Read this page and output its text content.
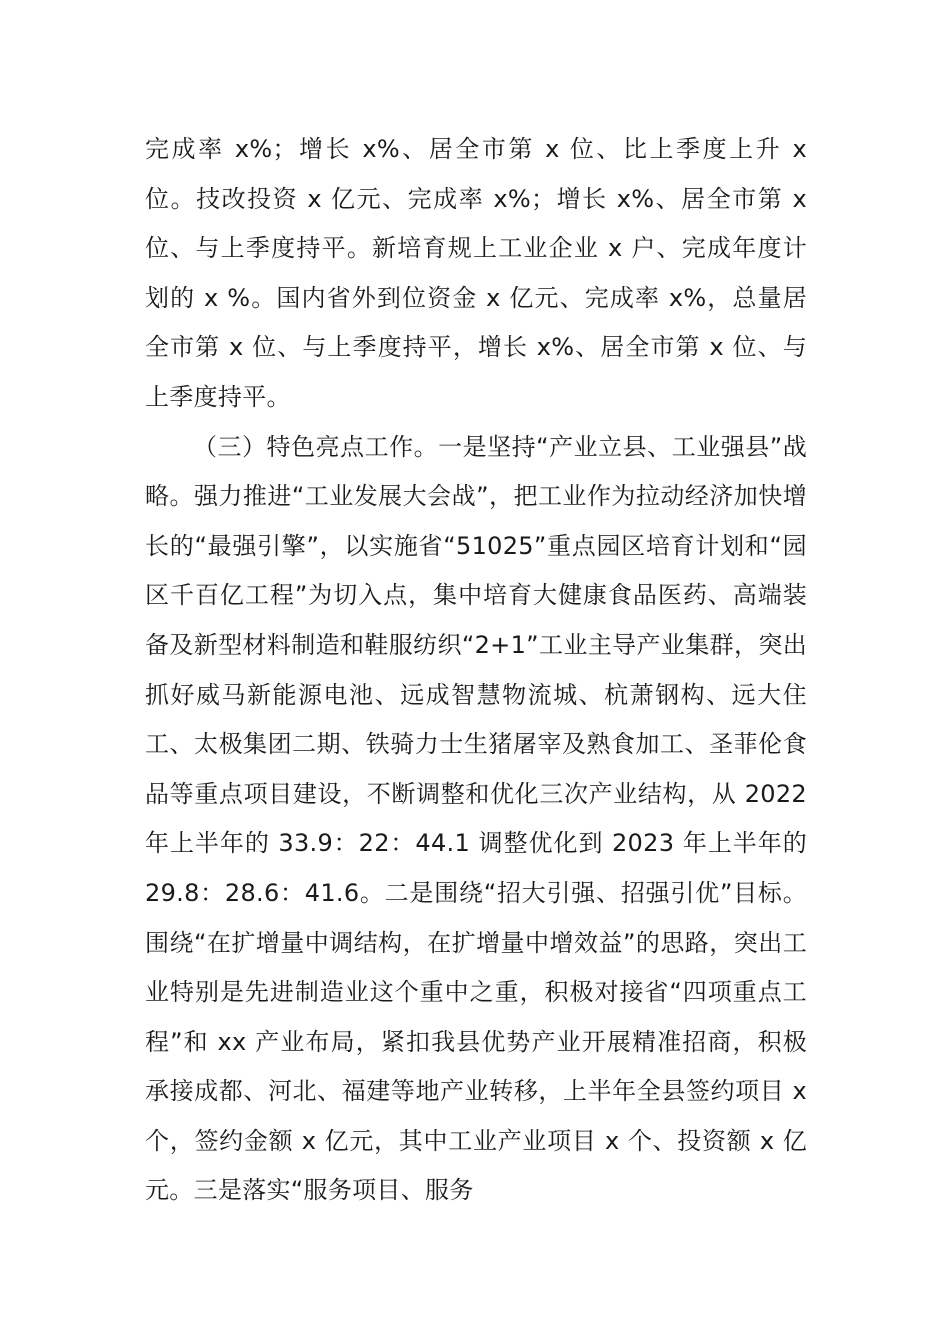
完成率 x%；增长 x%、居全市第 x 位、比上季度上升 x 位。技改投资 x 亿元、完成率 x%；增长 x%、居全市第 x 位、与上季度持平。新培育规上工业企业 x 户、完成年度计划的 x %。国内省外到位资金 x 亿元、完成率 x%，总量居全市第 x 位、与上季度持平，增长 x%、居全市第 x 位、与上季度持平。

（三）特色亮点工作。一是坚持“产业立县、工业强县”战略。强力推进“工业发展大会战”，把工业作为拉动经济加快增长的“最强引擎”，以实施省“51025”重点园区培育计划和“园区千百亿工程”为切入点，集中培育大健康食品医药、高端装备及新型材料制造和鞋服纺织“2+1”工业主导产业集群，突出抓好威马新能源电池、远成智慧物流城、杭萧钢构、远大住工、太极集团二期、铁骑力士生猪屠宰及熟食加工、圣菲伦食品等重点项目建设，不断调整和优化三次产业结构，从 2022 年上半年的 33.9：22：44.1 调整优化到 2023 年上半年的 29.8：28.6：41.6。二是围绕“招大引强、招强引优”目标。围绕“在扩增量中调结构，在扩增量中增效益”的思路，突出工业特别是先进制造业这个重中之重，积极对接省“四项重点工程”和 xx 产业布局，紧扣我县优势产业开展精准招商，积极承接成都、河北、福建等地产业转移，上半年全县签约项目 x 个，签约金额 x 亿元，其中工业产业项目 x 个、投资额 x 亿元。三是落实“服务项目、服务
